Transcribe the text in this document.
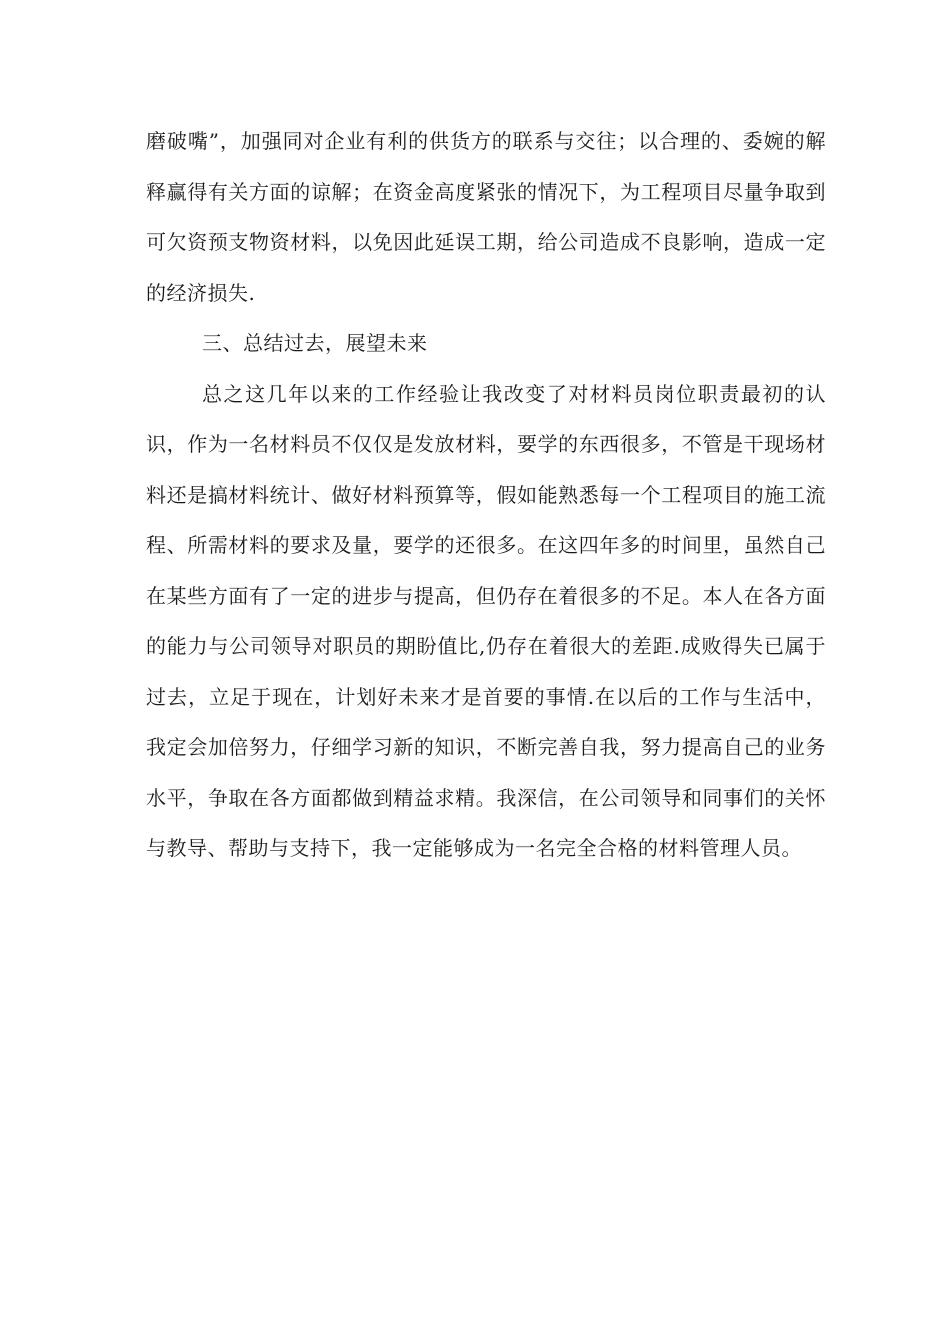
磨破嘴”，加强同对企业有利的供货方的联系与交往；以合理的、委婉的解
释赢得有关方面的谅解；在资金高度紧张的情况下，为工程项目尽量争取到
可欠资预支物资材料，以免因此延误工期，给公司造成不良影响，造成一定
的经济损失.
三、总结过去，展望未来
总之这几年以来的工作经验让我改变了对材料员岗位职责最初的认
识，作为一名材料员不仅仅是发放材料，要学的东西很多，不管是干现场材
料还是搞材料统计、做好材料预算等，假如能熟悉每一个工程项目的施工流
程、所需材料的要求及量，要学的还很多。在这四年多的时间里，虽然自己
在某些方面有了一定的进步与提高，但仍存在着很多的不足。本人在各方面
的能力与公司领导对职员的期盼值比,仍存在着很大的差距.成败得失已属于
过去，立足于现在，计划好未来才是首要的事情.在以后的工作与生活中，
我定会加倍努力，仔细学习新的知识，不断完善自我，努力提高自己的业务
水平，争取在各方面都做到精益求精。我深信，在公司领导和同事们的关怀
与教导、帮助与支持下，我一定能够成为一名完全合格的材料管理人员。
